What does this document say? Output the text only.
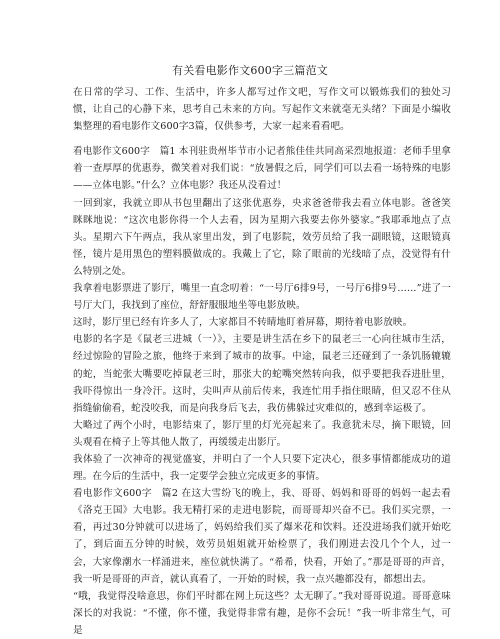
有关看电影作文600字三篇范文

在日常的学习、工作、生活中，许多人都写过作文吧，写作文可以锻炼我们的独处习惯，让自己的心静下来，思考自己未来的方向。写起作文来就毫无头绪？下面是小编收集整理的看电影作文600字3篇，仅供参考，大家一起来看看吧。

看电影作文600字　篇1 本刊驻贵州毕节市小记者熊佳佳共同高采烈地报道：老师手里拿着一查厚厚的优惠券，微笑着对我们说：“放暑假之后，同学们可以去看一场特殊的电影——立体电影。”什么？立体电影？我还从没看过！

一回到家，我就立即从书包里翻出了这张优惠券，央求爸爸带我去看立体电影。爸爸笑眯眯地说：“这次电影你得一个人去看，因为星期六我要去你外婆家。”我耶乖地点了点头。星期六下午两点，我从家里出发，到了电影院，效劳员给了我一副眼镜，这眼镜真怪，镜片是用黑色的塑料膜做成的。我戴上了它，除了眼前的光线暗了点，没觉得有什么特别之处。

我拿着电影票进了影厅，嘴里一直念叨着：“一号厅6排9号，一号厅6排9号……”进了一号厅大门，我找到了座位，舒舒服服地坐等电影放映。

这时，影厅里已经有许多人了，大家都目不转睛地盯着屏幕，期待着电影放映。

电影的名字是《鼠老三进城（一）》，主要是讲生活在乡下的鼠老三一心向往城市生活，经过惊险的冒险之旅，他终于来到了城市的故事。中途，鼠老三还碰到了一条饥肠辘辘的蛇，当蛇张大嘴要吃掉鼠老三时，那张大的蛇嘴突然转向我，似乎要把我吞进肚里，我吓得惊出一身冷汗。这时，尖叫声从前后传来，我连忙用手指住眼睛，但又忍不住从指缝偷偷看，蛇没咬我，而是向我身后飞去，我仿佛躲过灾难似的，感到幸运极了。

大略过了两个小时，电影结束了，影厅里的灯光亮起来了。我意犹未尽，摘下眼镜，回头观看在椅子上等其他人散了，再缓缓走出影厅。

我体验了一次神奇的视觉盛宴，并明白了一个人只要下定决心，很多事情都能成功的道理。在今后的生活中，我一定要学会独立完成更多的事情。

看电影作文600字　篇2 在这大雪纷飞的晚上，我、哥哥、妈妈和哥哥的妈妈一起去看《洛克王国》大电影。我无精打采的走进电影院，而哥哥却兴奋不已。我们买完票，一看，再过30分钟就可以进场了，妈妈给我们买了爆米花和饮料。还没进场我们就开始吃了，到后面五分钟的时候，效劳员姐姐就开始检票了，我们刚进去没几个个人，过一会，大家像潮水一样涌进来，座位就快满了。“希希，快看，开始了。”那是哥哥的声音，我一听是哥哥的声音，就认真看了，一开始的时候，我一点兴趣都没有，都想出去。

“哦，我觉得没啥意思，你们平时都在网上玩这些？太无聊了。”我对哥哥说道。哥哥意味深长的对我说：“不懂，你不懂，我觉得非常有趣，是你不会玩！”我一听非常生气，可是
